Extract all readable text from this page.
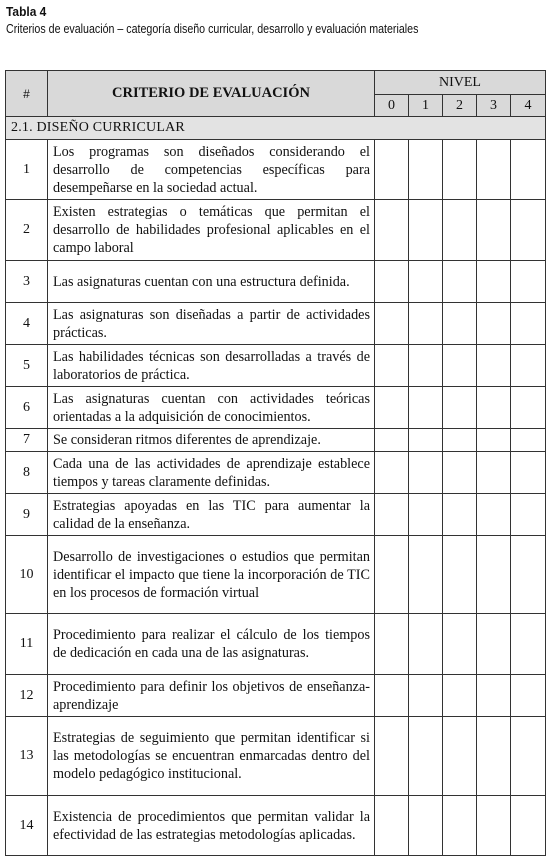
Tabla 4
Criterios de evaluación – categoría diseño curricular, desarrollo y evaluación materiales
#	CRITERIO DE EVALUACIÓN	NIVEL				
		0	1	2	3	4
2.1. DISEÑO CURRICULAR						
1	Los programas son diseñados considerando el desarrollo de competencias específicas para desempeñarse en la sociedad actual.					
2	Existen estrategias o temáticas que permitan el desarrollo de habilidades profesional aplicables en el campo laboral					
3	Las asignaturas cuentan con una estructura definida.					
4	Las asignaturas son diseñadas a partir de actividades prácticas.					
5	Las habilidades técnicas son desarrolladas a través de laboratorios de práctica.					
6	Las asignaturas cuentan con actividades teóricas orientadas a la adquisición de conocimientos.					
7	Se consideran ritmos diferentes de aprendizaje.					
8	Cada una de las actividades de aprendizaje establece tiempos y tareas claramente definidas.					
9	Estrategias apoyadas en las TIC para aumentar la calidad de la enseñanza.					
10	Desarrollo de investigaciones o estudios que permitan identificar el impacto que tiene la incorporación de TIC en los procesos de formación virtual					
11	Procedimiento para realizar el cálculo de los tiempos de dedicación en cada una de las asignaturas.					
12	Procedimiento para definir los objetivos de enseñanza-aprendizaje					
13	Estrategias de seguimiento que permitan identificar si las metodologías se encuentran enmarcadas dentro del modelo pedagógico institucional.					
14	Existencia de procedimientos que permitan validar la efectividad de las estrategias metodologías aplicadas.					
